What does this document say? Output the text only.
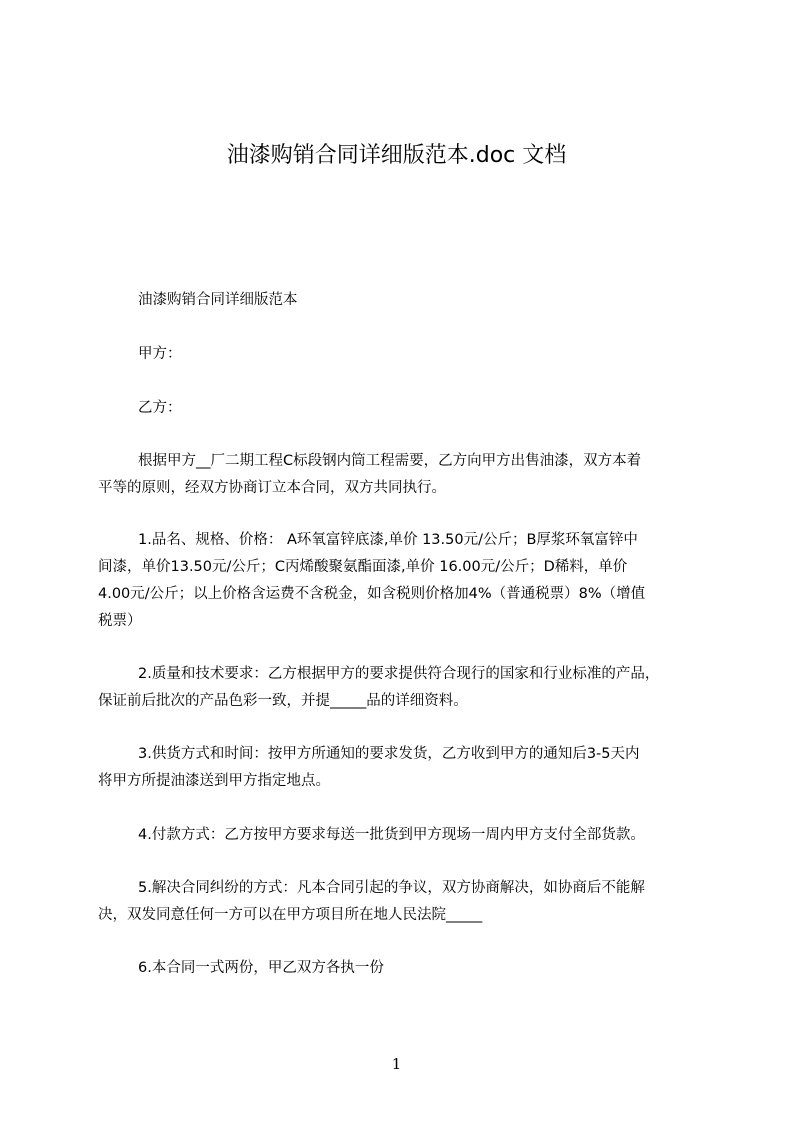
油漆购销合同详细版范本.doc 文档

油漆购销合同详细版范本

甲方：

乙方：

根据甲方__厂二期工程C标段钢内筒工程需要，乙方向甲方出售油漆，双方本着
平等的原则，经双方协商订立本合同，双方共同执行。

1.品名、规格、价格： A环氧富锌底漆,单价 13.50元/公斤；B厚浆环氧富锌中
间漆，单价13.50元/公斤；C丙烯酸聚氨酯面漆,单价 16.00元/公斤；D稀料，单价
4.00元/公斤；以上价格含运费不含税金，如含税则价格加4%（普通税票）8%（增值
税票）

2.质量和技术要求：乙方根据甲方的要求提供符合现行的国家和行业标准的产品，
保证前后批次的产品色彩一致，并提_____品的详细资料。

3.供货方式和时间：按甲方所通知的要求发货，乙方收到甲方的通知后3-5天内
将甲方所提油漆送到甲方指定地点。

4.付款方式：乙方按甲方要求每送一批货到甲方现场一周内甲方支付全部货款。

5.解决合同纠纷的方式：凡本合同引起的争议，双方协商解决，如协商后不能解
决，双发同意任何一方可以在甲方项目所在地人民法院_____

6.本合同一式两份，甲乙双方各执一份

1
